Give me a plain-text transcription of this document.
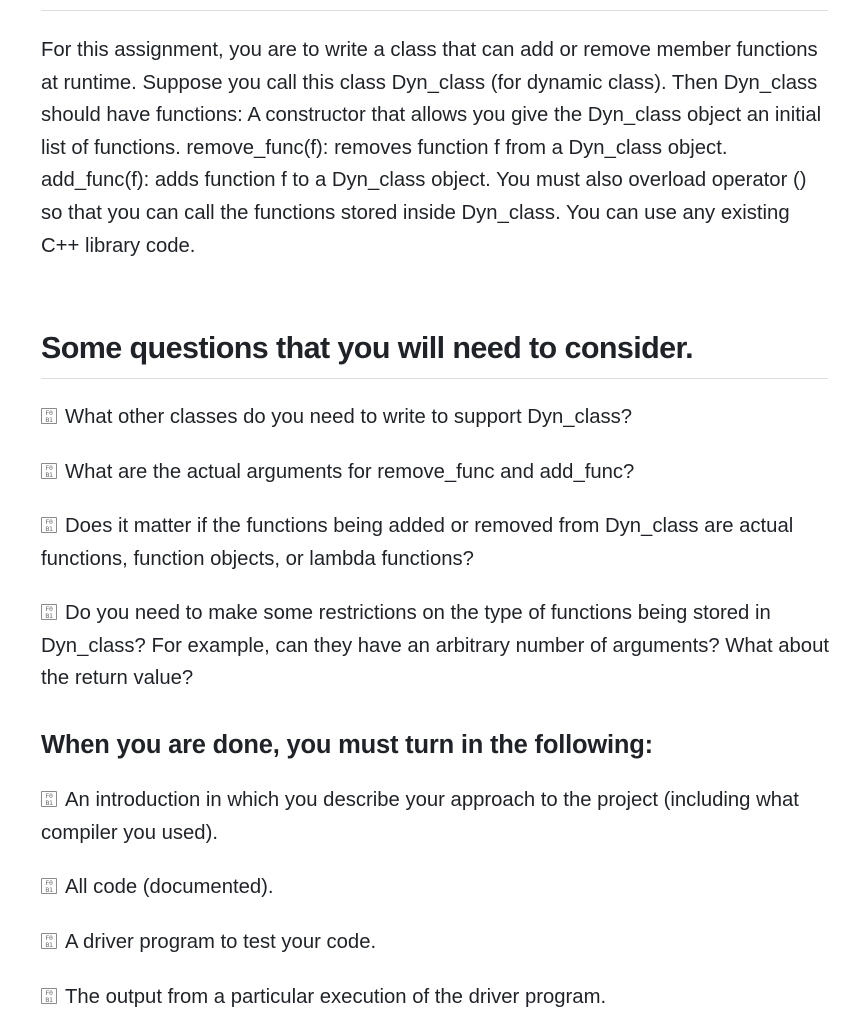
For this assignment, you are to write a class that can add or remove member functions at runtime. Suppose you call this class Dyn_class (for dynamic class). Then Dyn_class should have functions: A constructor that allows you give the Dyn_class object an initial list of functions. remove_func(f): removes function f from a Dyn_class object. add_func(f): adds function f to a Dyn_class object. You must also overload operator () so that you can call the functions stored inside Dyn_class. You can use any existing C++ library code.

Some questions that you will need to consider.

F0
B1 What other classes do you need to write to support Dyn_class?

F0
B1 What are the actual arguments for remove_func and add_func?

F0
B1 Does it matter if the functions being added or removed from Dyn_class are actual functions, function objects, or lambda functions?

F0
B1 Do you need to make some restrictions on the type of functions being stored in Dyn_class? For example, can they have an arbitrary number of arguments? What about the return value?

When you are done, you must turn in the following:

F0
B1 An introduction in which you describe your approach to the project (including what compiler you used).

F0
B1 All code (documented).

F0
B1 A driver program to test your code.

F0
B1 The output from a particular execution of the driver program.
